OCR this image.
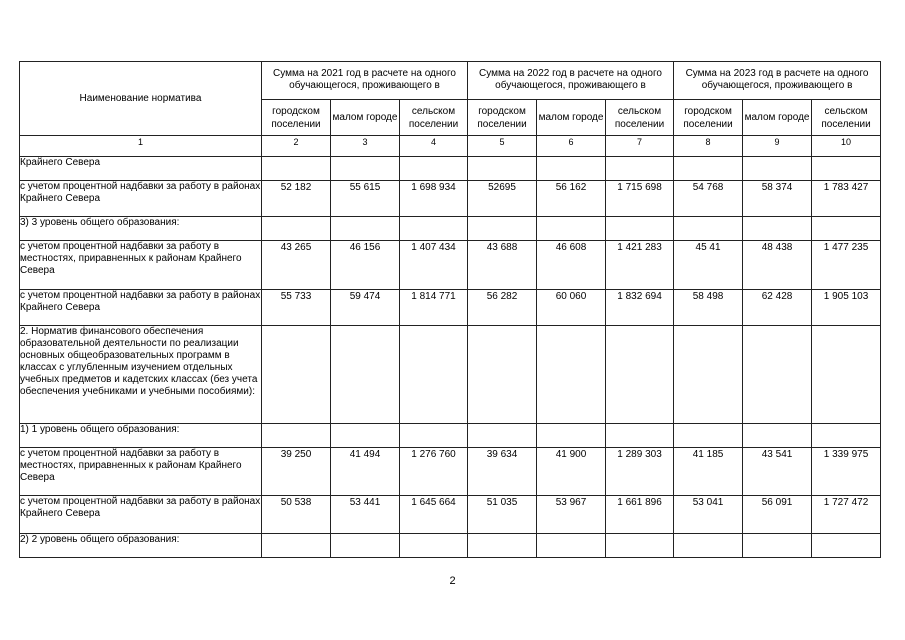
Наименование норматива	Сумма на 2021 год в расчете на одного обучающегося, проживающего в			Сумма на 2022 год в расчете на одного обучающегося, проживающего в			Сумма на 2023 год в расчете на одного обучающегося, проживающего в		
	городском поселении	малом городе	сельском поселении	городском поселении	малом городе	сельском поселении	городском поселении	малом городе	сельском поселении
1	2	3	4	5	6	7	8	9	10
Крайнего Севера									
с учетом процентной надбавки за работу в районах Крайнего Севера	52 182	55 615	1 698 934	52695	56 162	1 715 698	54 768	58 374	1 783 427
3) 3 уровень общего образования:									
с учетом процентной надбавки за работу в местностях, приравненных к районам Крайнего Севера	43 265	46 156	1 407 434	43 688	46 608	1 421 283	45 41	48 438	1 477 235
с учетом процентной надбавки за работу в районах Крайнего Севера	55 733	59 474	1 814 771	56 282	60 060	1 832 694	58 498	62 428	1 905 103
2. Норматив финансового обеспечения образовательной деятельности по реализации основных общеобразовательных программ в классах с углубленным изучением отдельных учебных предметов и кадетских классах (без учета обеспечения учебниками и учебными пособиями):									
1) 1 уровень общего образования:									
с учетом процентной надбавки за работу в местностях, приравненных к районам Крайнего Севера	39 250	41 494	1 276 760	39 634	41 900	1 289 303	41 185	43 541	1 339 975
с учетом процентной надбавки за работу в районах Крайнего Севера	50 538	53 441	1 645 664	51 035	53 967	1 661 896	53 041	56 091	1 727 472
2) 2 уровень общего образования:									
2
